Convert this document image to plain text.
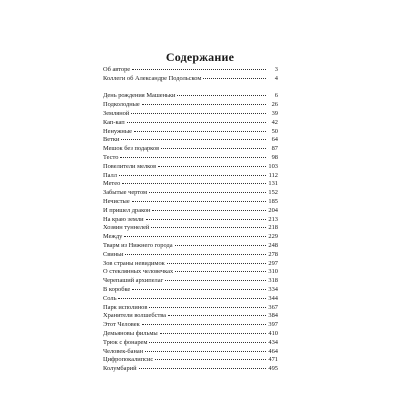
Содержание
Об авторе	3
Коллеги об Александре Подольском	4
День рождения Машеньки	6
Подколодные	26
Земляной	39
Кап-кап	42
Ненужные	50
Ветки	64
Мешок без подарков	87
Тесто	98
Повелители мелков	103
Палл	112
Метео	131
Забытые чертом	152
Нечистые	185
И пришел дракон	204
На краю земли	213
Хозяин туннелей	218
Между	229
Тварм из Нижнего города	248
Свиньи	278
Зов страны невидимок	297
О стеклянных человечках	310
Черепаший архипелаг	318
В коробке	334
Соль	344
Парк исполинов	367
Хранители волшебства	384
Этот Человек	397
Демьяновы фильмы	410
Трюк с фонарем	434
Человек-банан	464
Цифропокалипсис	471
Колумбарий	495
